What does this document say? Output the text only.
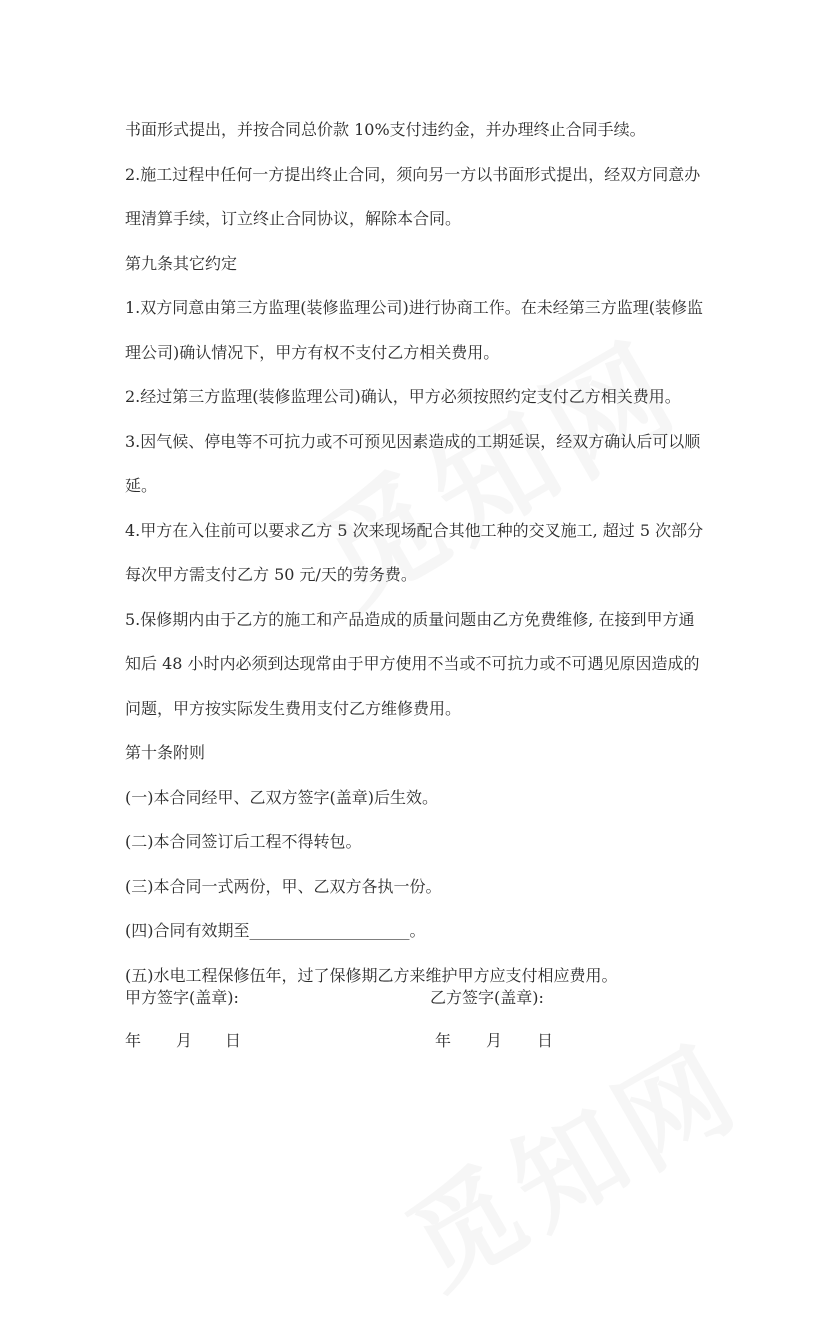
书面形式提出，并按合同总价款 10%支付违约金，并办理终止合同手续。

2.施工过程中任何一方提出终止合同，须向另一方以书面形式提出，经双方同意办理清算手续，订立终止合同协议，解除本合同。

第九条其它约定

1.双方同意由第三方监理(装修监理公司)进行协商工作。在未经第三方监理(装修监理公司)确认情况下，甲方有权不支付乙方相关费用。

2.经过第三方监理(装修监理公司)确认，甲方必须按照约定支付乙方相关费用。

3.因气候、停电等不可抗力或不可预见因素造成的工期延误，经双方确认后可以顺延。

4.甲方在入住前可以要求乙方 5 次来现场配合其他工种的交叉施工, 超过 5 次部分每次甲方需支付乙方 50 元/天的劳务费。

5.保修期内由于乙方的施工和产品造成的质量问题由乙方免费维修, 在接到甲方通知后 48 小时内必须到达现常由于甲方使用不当或不可抗力或不可遇见原因造成的问题，甲方按实际发生费用支付乙方维修费用。

第十条附则

(一)本合同经甲、乙双方签字(盖章)后生效。

(二)本合同签订后工程不得转包。

(三)本合同一式两份，甲、乙双方各执一份。

(四)合同有效期至____________________。

(五)水电工程保修伍年，过了保修期乙方来维护甲方应支付相应费用。

甲方签字(盖章):	乙方签字(盖章):
年 月 日	年 月 日
